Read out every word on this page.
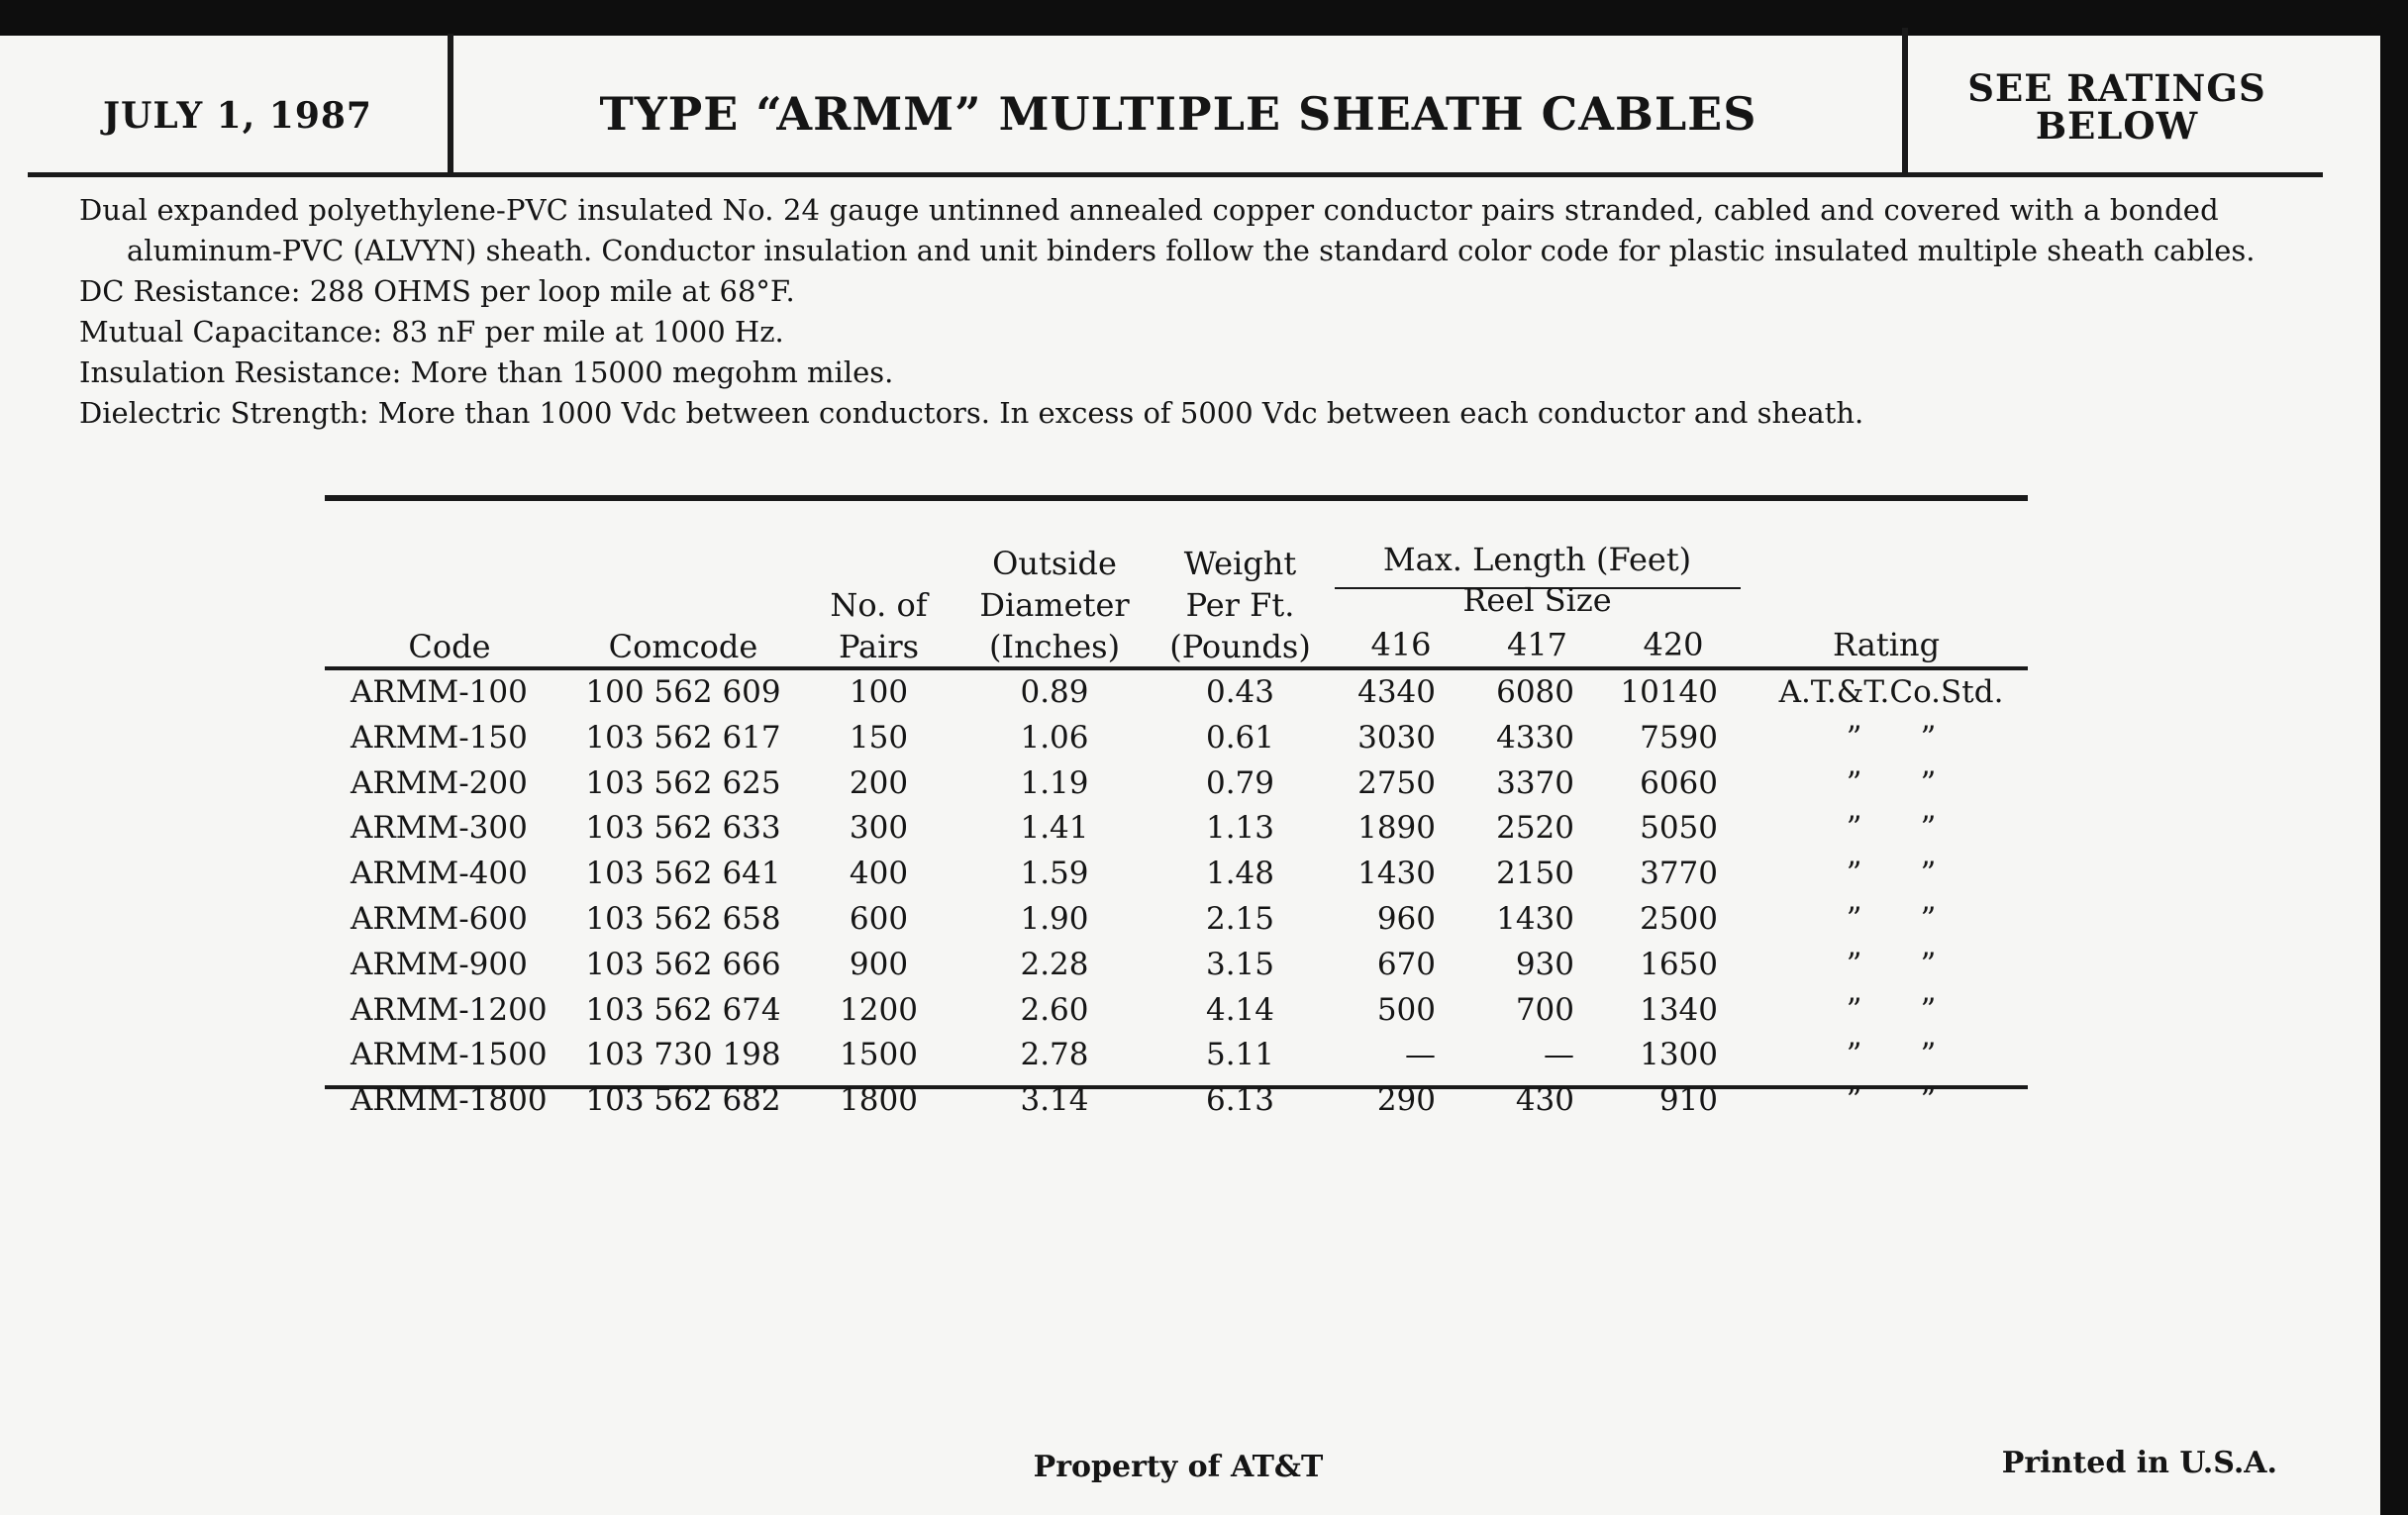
JULY 1, 1987	TYPE “ARMM” MULTIPLE SHEATH CABLES	SEE RATINGS
BELOW

Dual expanded polyethylene-PVC insulated No. 24 gauge untinned annealed copper conductor pairs stranded, cabled and covered with a bonded

aluminum-PVC (ALVYN) sheath. Conductor insulation and unit binders follow the standard color code for plastic insulated multiple sheath cables.

DC Resistance: 288 OHMS per loop mile at 68°F.

Mutual Capacitance: 83 nF per mile at 1000 Hz.

Insulation Resistance: More than 15000 megohm miles.

Dielectric Strength: More than 1000 Vdc between conductors. In excess of 5000 Vdc between each conductor and sheath.

Code	Comcode
No. of
Pairs
Outside
Diameter
(Inches)
Weight
Per Ft.
(Pounds)
Max. Length (Feet)
Reel Size
416	417	420	Rating
ARMM-100	100 562 609	100	0.89	0.43	4340	6080	10140	A.T.&T.Co.Std.
ARMM-150	103 562 617	150	1.06	0.61	3030	4330	7590	”      ”
ARMM-200	103 562 625	200	1.19	0.79	2750	3370	6060	”      ”
ARMM-300	103 562 633	300	1.41	1.13	1890	2520	5050	”      ”
ARMM-400	103 562 641	400	1.59	1.48	1430	2150	3770	”      ”
ARMM-600	103 562 658	600	1.90	2.15	960	1430	2500	”      ”
ARMM-900	103 562 666	900	2.28	3.15	670	930	1650	”      ”
ARMM-1200	103 562 674	1200	2.60	4.14	500	700	1340	”      ”
ARMM-1500	103 730 198	1500	2.78	5.11	—	—	1300	”      ”
ARMM-1800	103 562 682	1800	3.14	6.13	290	430	910	”      ”
Property of AT&T	Printed in U.S.A.
